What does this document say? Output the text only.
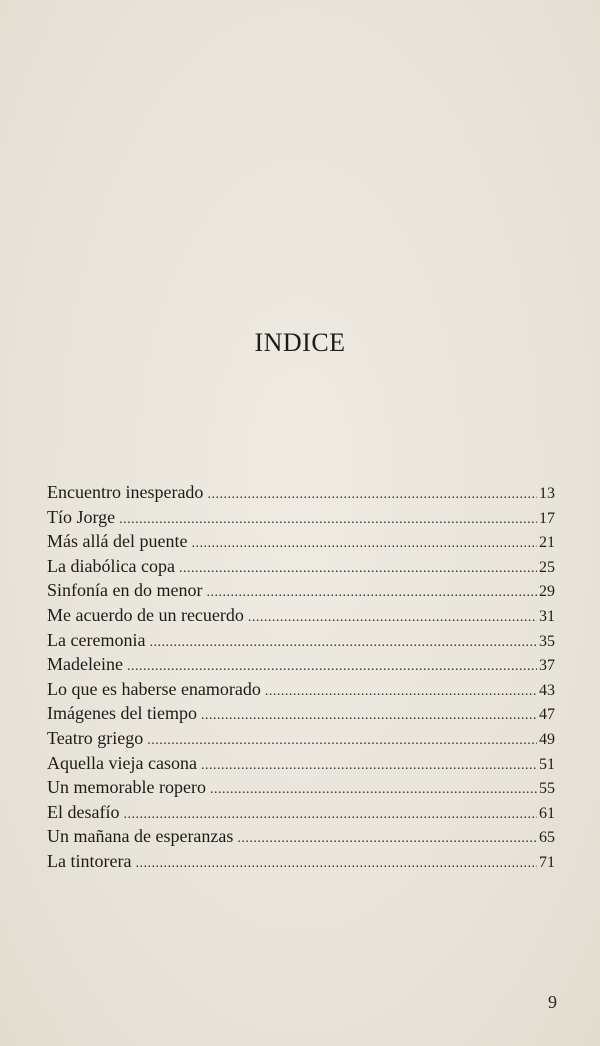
INDICE
Encuentro inesperado .....	13
Tío Jorge .....	17
Más allá del puente .....	21
La diabólica copa .....	25
Sinfonía en do menor .....	29
Me acuerdo de un recuerdo .....	31
La ceremonia .....	35
Madeleine .....	37
Lo que es haberse enamorado .....	43
Imágenes del tiempo .....	47
Teatro griego .....	49
Aquella vieja casona .....	51
Un memorable ropero .....	55
El desafío .....	61
Un mañana de esperanzas .....	65
La tintorera .....	71
9
